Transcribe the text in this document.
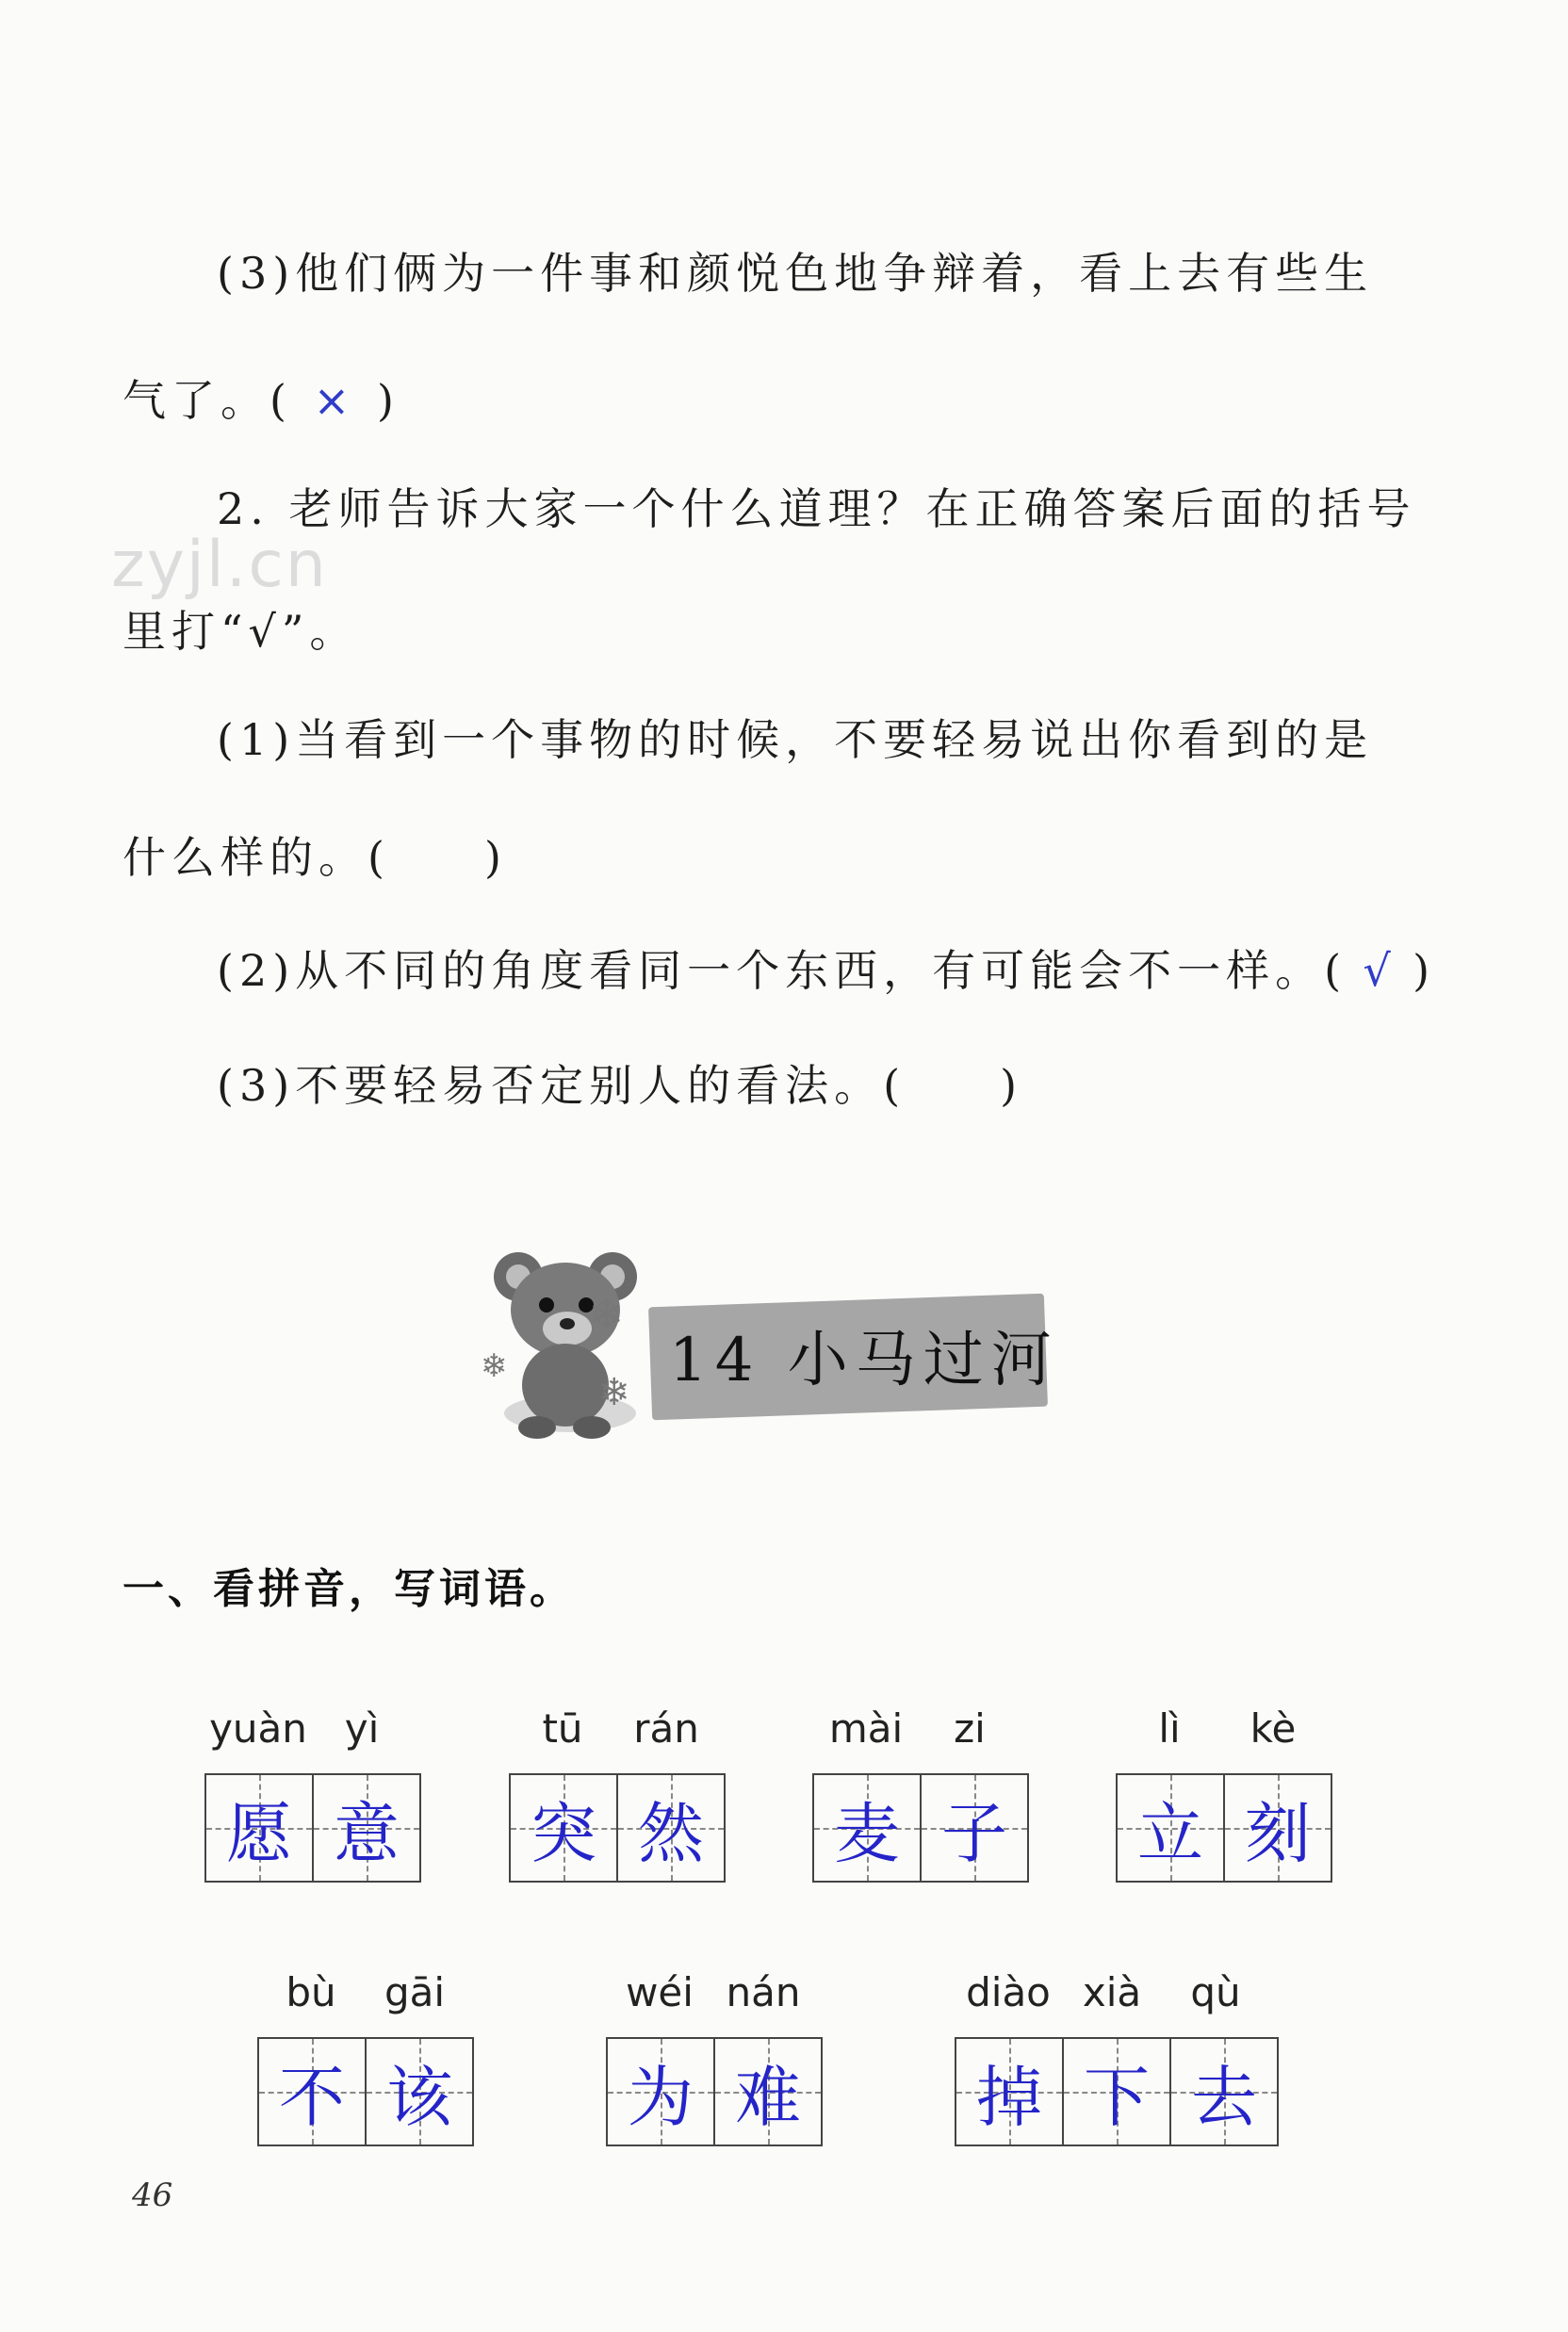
(3)他们俩为一件事和颜悦色地争辩着，看上去有些生
气了。( × )
zyjl.cn
2. 老师告诉大家一个什么道理？在正确答案后面的括号
里打“√”。
(1)当看到一个事物的时候，不要轻易说出你看到的是
什么样的。( )
(2)从不同的角度看同一个东西，有可能会不一样。( √ )
(3)不要轻易否定别人的看法。( )
❄
❄
❄ 14 小马过河
一、看拼音，写词语。
yuàn yì
愿 意
tū	rán
突 然
mài	zi
麦 子
lì	kè
立 刻
bù	gāi
不 该
wéi nán
为 难
diào xià	qù
掉 下 去
46
